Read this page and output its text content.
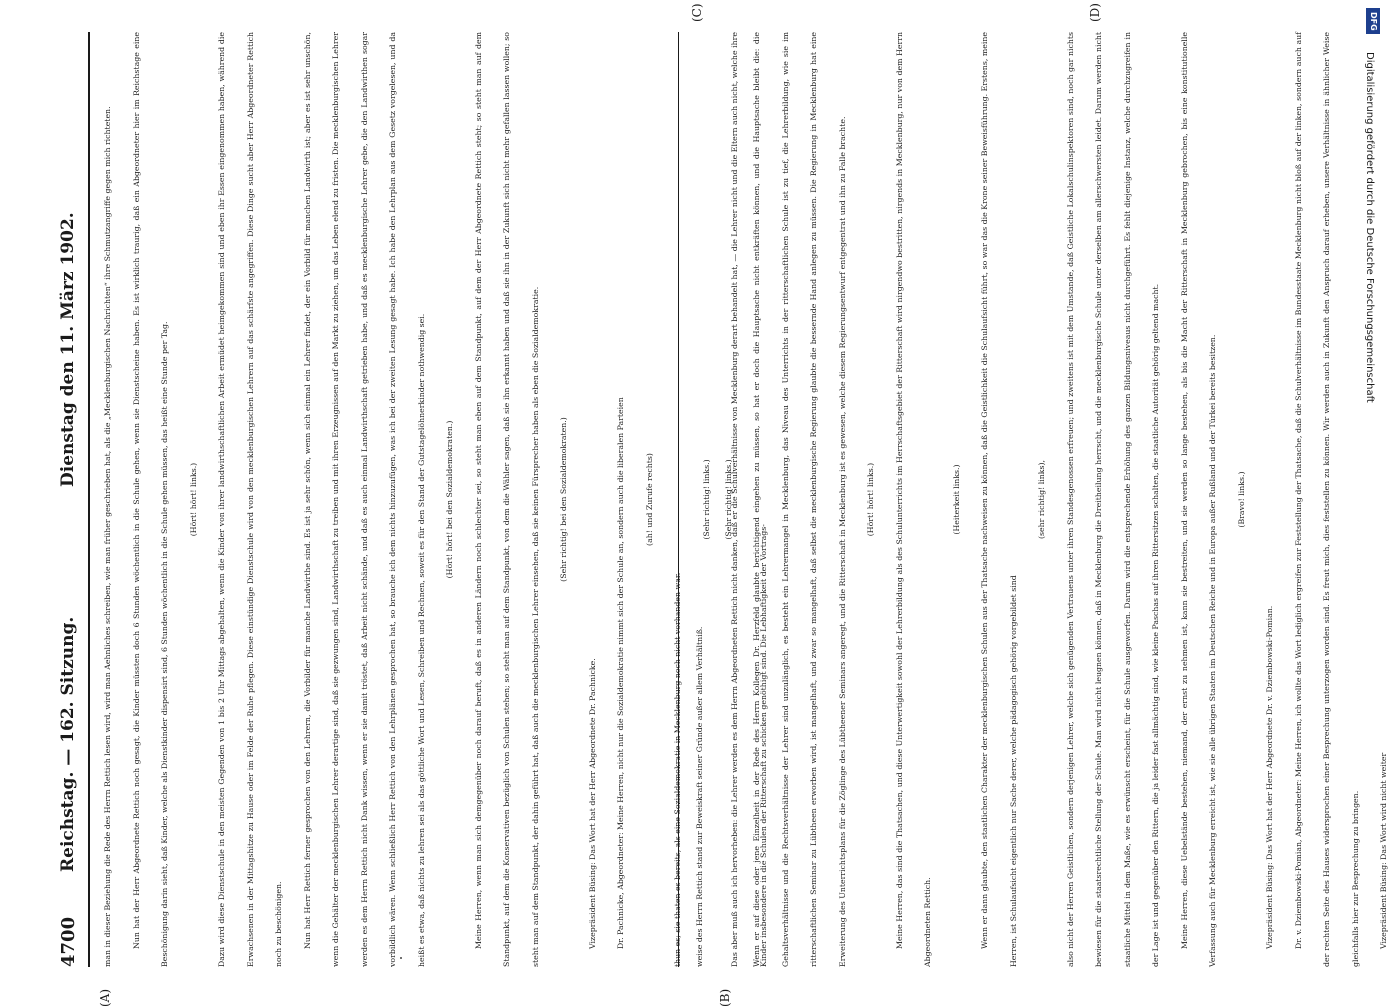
4700
Reichstag. — 162. Sitzung.
Dienstag den 11. März 1902.
(A)	(B)

man in dieser Beziehung die Rede des Herrn Rettich lesen wird, wird man Aehnliches schreiben, wie man früher geschrieben hat, als die „Mecklenburgischen Nachrichten“ ihre Schmutzangriffe gegen mich richteten.	Nun hat der Herr Abgeordnete Rettich noch gesagt, die Kinder müssten doch 6 Stunden wöchentlich in die Schule gehen, wenn sie Dienstscheine haben. Es ist wirklich traurig, daß ein Abgeordneter hier im Reichstage eine Beschönigung darin sieht, daß Kinder, welche als Dienstkinder dispensirt sind, 6 Stunden wöchentlich in die Schule gehen müssen, das heißt eine Stunde per Tag.	(Hört! hört! links.)	Dazu wird diese Dienstschule in den meisten Gegenden von 1 bis 2 Uhr Mittags abgehalten, wenn die Kinder von ihrer landwirthschaftlichen Arbeit ermüdet heimgekommen sind und eben ihr Essen eingenommen haben, während die Erwachsenen in der Mittagshitze zu Hause oder im Felde der Ruhe pflegen. Diese einstündige Dienstschule wird von den mecklenburgischen Lehrern auf das schärfste angegriffen. Diese Dinge sucht aber Herr Abgeordneter Rettich noch zu beschönigen.	Nun hat Herr Rettich ferner gesprochen von den Lehrern, die Vorbilder für manche Landwirthe sind. Es ist ja sehr schön, wenn sich einmal ein Lehrer findet, der ein Vorbild für manchen Landwirth ist; aber es ist sehr unschön, wenn die Gehälter der mecklenburgischen Lehrer derartige sind, daß sie gezwungen sind, Landwirthschaft zu treiben und mit ihren Erzeugnissen auf den Markt zu ziehen, um das Leben elend zu fristen. Die mecklenburgischen Lehrer werden es dem Herrn Rettich nicht Dank wissen, wenn er sie damit tröstet, daß Arbeit nicht schände, und daß es auch einmal Landwirthschaft getrieben habe, und daß es mecklenburgische Lehrer gebe, die den Landwirthen sogar vorbildlich wären. Wenn schließlich Herr Rettich von den Lehrplänen gesprochen hat, so brauche ich dem nichts hinzuzufügen, was ich bei der zweiten Lesung gesagt habe. Ich habe den Lehrplan aus dem Gesetz vorgelesen, und da heißt es etwa, daß nichts zu lehren sei als das göttliche Wort und Lesen, Schreiben und Rechnen, soweit es für den Stand der Gutstagelöhnerkinder nothwendig sei.	(Hört! hört! bei den Sozialdemokraten.)	Meine Herren, wenn man sich demgegenüber noch darauf beruft, daß es in anderen Ländern noch schlechter sei, so steht man eben auf dem Standpunkt, auf dem der Herr Abgeordnete Rettich steht; so steht man auf dem Standpunkt, auf dem die Konservativen bezüglich von Schulen stehen; so steht man auf dem Standpunkt, von dem die Wähler sagen, daß sie ihn erkannt haben und daß sie ihn in der Zukunft sich nicht mehr gefallen lassen wollen; so steht man auf dem Standpunkt, der dahin geführt hat, daß auch die mecklenburgischen Lehrer einsehen, daß sie keinen Fürsprecher haben als eben die Sozialdemokratie.	(Sehr richtig! bei den Sozialdemokraten.)

Vizepräsident Büsing: Das Wort hat der Herr Abgeordnete Dr. Pachnicke.	Dr. Pachnicke, Abgeordneter: Meine Herren, nicht nur die Sozialdemokratie nimmt sich der Schule an, sondern auch die liberalen Parteien	(ah! und Zurufe rechts)

thun es; sie thaten es bereits, als eine Sozialdemokratie in Mecklenburg noch nicht vorhanden war.

(Sehr richtig! links.)	Das aber muß auch ich hervorheben: die Lehrer werden es dem Herrn Abgeordneten Rettich nicht danken, daß er die Schulverhältnisse von Mecklenburg derart behandelt hat, — die Lehrer nicht und die Eltern auch nicht, welche ihre Kinder insbesondere in die Schulen der Ritterschaft zu schicken genöthigt sind. Die Lebhaftigkeit der Vortrags-

(C)	(D)

weise des Herrn Rettich stand zur Beweiskraft seiner Gründe außer allem Verhältniß.

(Sehr richtig! links.)	Wenn er auf diese oder jene Einzelheit in der Rede des Herrn Kollegen Dr. Herzfeld glaubte berichtigend eingehen zu müssen, so hat er doch die Hauptsache nicht entkräften können, und die Hauptsache bleibt die: die Gehaltsverhältnisse und die Rechtsverhältnisse der Lehrer sind unzulänglich, es besteht ein Lehrermangel in Mecklenburg, das Niveau des Unterrichts in der ritterschaftlichen Schule ist zu tief, die Lehrerbildung, wie sie im ritterschaftlichen Seminar zu Lübtheen erworben wird, ist mangelhaft, und zwar so mangelhaft, daß selbst die mecklenburgische Regierung glaubte die bessernde Hand anlegen zu müssen. Die Regierung in Mecklenburg hat eine Erweiterung des Unterrichtsplans für die Zöglinge des Lübtheener Seminars angeregt, und die Ritterschaft in Mecklenburg ist es gewesen, welche diesem Regierungsentwurf entgegentrat und ihn zu Falle brachte.	(Hört! hört! links.)	Meine Herren, das sind die Thatsachen, und diese Unterwertigkeit sowohl der Lehrerbildung als des Schulunterrichts im Herrschaftsgebiet der Ritterschaft wird nirgendwo bestritten, nirgends in Mecklenburg, nur von dem Herrn Abgeordneten Rettich.

(Heiterkeit links.)	Wenn er dann glaubte, den staatlichen Charakter der mecklenburgischen Schulen aus der Thatsache nachweisen zu können, daß die Geistlichkeit die Schulaufsicht führt, so war das die Krone seiner Beweisführung. Erstens, meine Herren, ist Schulaufsicht eigentlich nur Sache derer, welche pädagogisch gehörig vorgebildet sind

(sehr richtig! links),	also nicht der Herren Geistlichen, sondern derjenigen Lehrer, welche sich genügenden Vertrauens unter ihren Standesgenossen erfreuen; und zweitens ist mit dem Umstande, daß Geistliche Lokalschulinspektoren sind, noch gar nichts bewiesen für die staatsrechtliche Stellung der Schule. Man wird nicht leugnen können, daß in Mecklenburg die Dreitheilung herrscht, und die mecklenburgische Schule unter derselben am allerschwersten leidet. Darum werden nicht staatliche Mittel in dem Maße, wie es erwünscht erscheint, für die Schule ausgeworfen. Darum wird die entsprechende Erhöhung des ganzen Bildungsniveaus nicht durchgeführt. Es fehlt diejenige Instanz, welche durchzugreifen in der Lage ist und gegenüber den Rittern, die ja leider fast allmächtig sind, wie kleine Paschas auf ihren Rittersitzen schalten, die staatliche Autorität gehörig geltend macht.	Meine Herren, diese Uebelstände bestehen, niemand, der ernst zu nehmen ist, kann sie bestreiten, und sie werden so lange bestehen, als bis die Macht der Ritterschaft in Mecklenburg gebrochen, bis eine konstitutionelle Verfassung auch für Mecklenburg erreicht ist, wie sie alle übrigen Staaten im Deutschen Reiche und in Europa außer Rußland und der Türkei bereits besitzen.	(Bravo! links.)

Vizepräsident Büsing: Das Wort hat der Herr Abgeordnete Dr. v. Dziembowski-Pomian.	Dr. v. Dziembowski-Pomian, Abgeordneter: Meine Herren, ich wollte das Wort lediglich ergreifen zur Feststellung der Thatsache, daß die Schulverhältnisse im Bundesstaate Mecklenburg nicht bloß auf der linken, sondern auch auf der rechten Seite des Hauses widersprochen einer Besprechung unterzogen worden sind. Es freut mich, dies feststellen zu können. Wir werden auch in Zukunft den Anspruch darauf erheben, unsere Verhältnisse in ähnlicher Weise gleichfalls hier zur Besprechung zu bringen.	Vizepräsident Büsing: Das Wort wird nicht weiter

DFG
Digitalisierung gefördert durch die Deutsche Forschungsgemeinschaft
